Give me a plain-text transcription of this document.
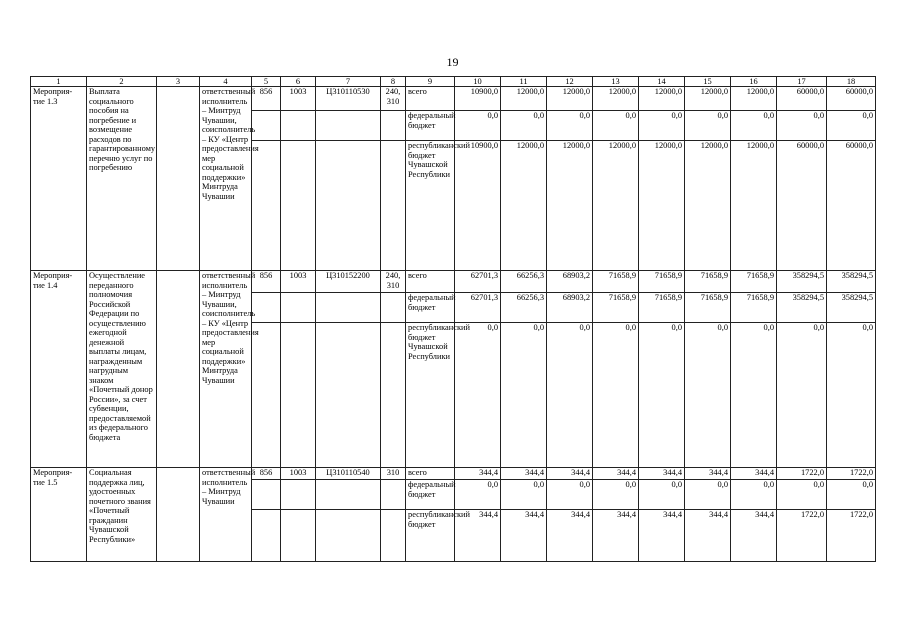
19
1	2	3	4	5	6	7	8	9	10	11	12	13	14	15	16	17	18
Мероприя-тие 1.3	Выплата социального пособия на погребение и возмещение расходов по гарантированному перечню услуг по погребению		ответственный исполнитель – Минтруд Чувашии, соисполнитель – КУ «Центр предоставления мер социальной поддержки» Минтруда Чувашии	856	1003	Ц310110530	240, 310	всего	10900,0	12000,0	12000,0	12000,0	12000,0	12000,0	12000,0	60000,0	60000,0
								федеральный бюджет	0,0	0,0	0,0	0,0	0,0	0,0	0,0	0,0	0,0
								республиканский бюджет Чувашской Республики	10900,0	12000,0	12000,0	12000,0	12000,0	12000,0	12000,0	60000,0	60000,0
Мероприя-тие 1.4	Осуществление переданного полномочия Российской Федерации по осуществлению ежегодной денежной выплаты лицам, награжденным нагрудным знаком «Почетный донор России», за счет субвенции, предоставляемой из федерального бюджета		ответственный исполнитель – Минтруд Чувашии, соисполнитель – КУ «Центр предоставления мер социальной поддержки» Минтруда Чувашии	856	1003	Ц310152200	240, 310	всего	62701,3	66256,3	68903,2	71658,9	71658,9	71658,9	71658,9	358294,5	358294,5
								федеральный бюджет	62701,3	66256,3	68903,2	71658,9	71658,9	71658,9	71658,9	358294,5	358294,5
								республиканский бюджет Чувашской Республики	0,0	0,0	0,0	0,0	0,0	0,0	0,0	0,0	0,0
Мероприя-тие 1.5	Социальная поддержка лиц, удостоенных почетного звания «Почетный гражданин Чувашской Республики»		ответственный исполнитель – Минтруд Чувашии	856	1003	Ц310110540	310	всего	344,4	344,4	344,4	344,4	344,4	344,4	344,4	1722,0	1722,0
								федеральный бюджет	0,0	0,0	0,0	0,0	0,0	0,0	0,0	0,0	0,0
								республиканский бюджет	344,4	344,4	344,4	344,4	344,4	344,4	344,4	1722,0	1722,0
